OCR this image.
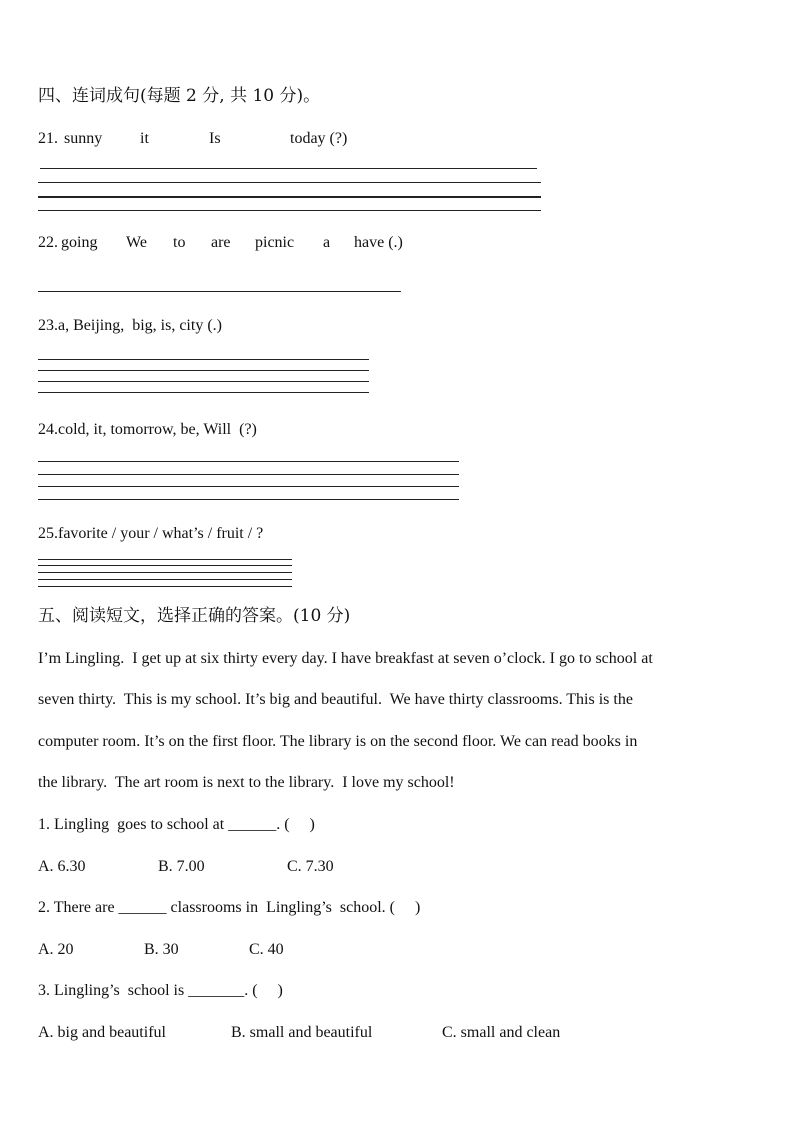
四、连词成句(每题 2 分, 共 10 分)。
21. sunny it	Is	today (?)
22. going We to are picnic a have (.)
23.a, Beijing,  big, is, city (.)
24.cold, it, tomorrow, be, Will  (?)
25.favorite / your / what’s / fruit / ?
五、阅读短文，选择正确的答案。(10 分)
I’m Lingling.  I get up at six thirty every day. I have breakfast at seven o’clock. I go to school at
seven thirty.  This is my school. It’s big and beautiful.  We have thirty classrooms. This is the
computer room. It’s on the first floor. The library is on the second floor. We can read books in
the library.  The art room is next to the library.  I love my school!
1. Lingling  goes to school at ______. (     )
A. 6.30	B. 7.00	C. 7.30
2. There are ______ classrooms in  Lingling’s  school. (     )
A. 20	B. 30	C. 40
3. Lingling’s  school is _______. (     )
A. big and beautiful	B. small and beautiful	C. small and clean
